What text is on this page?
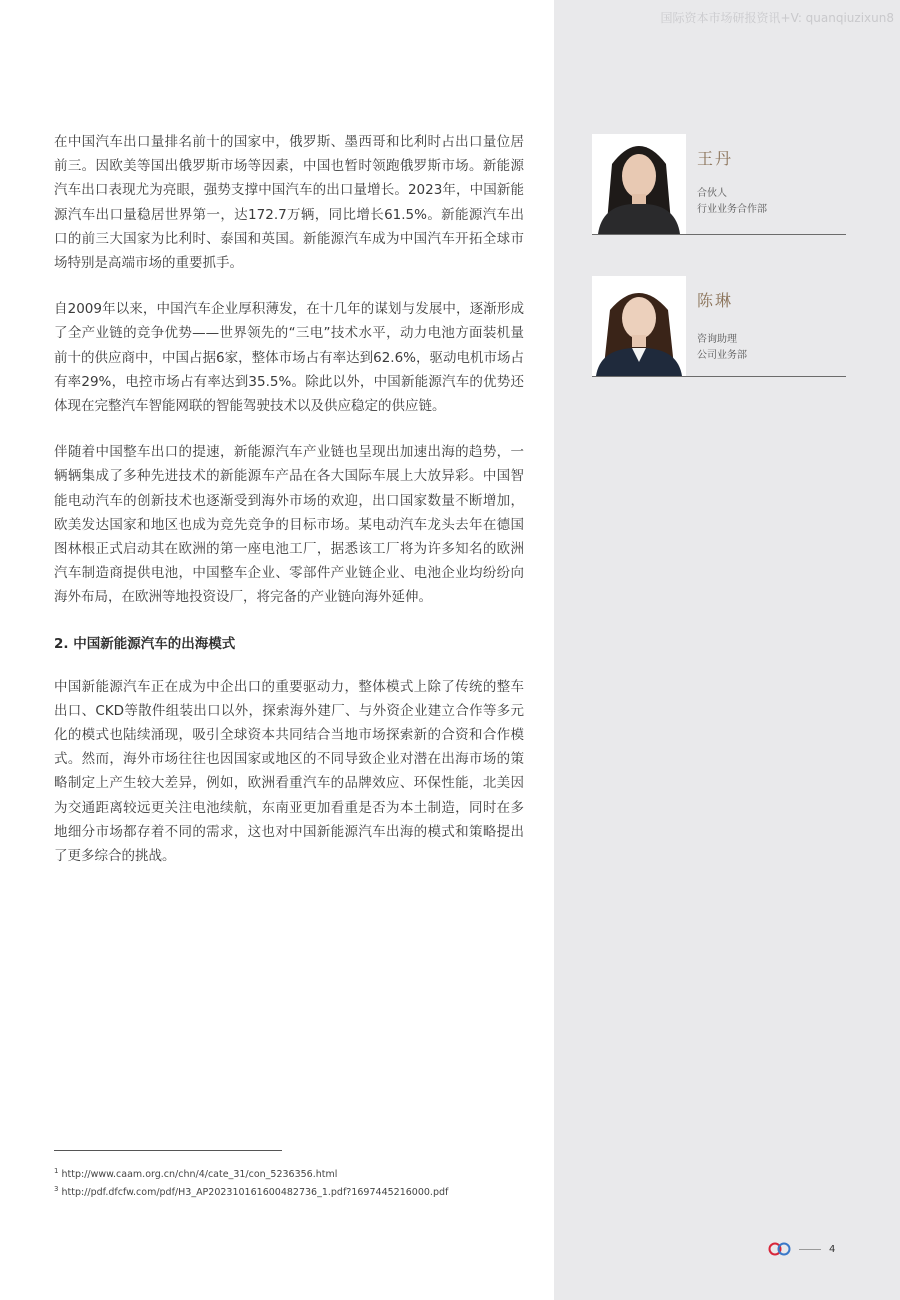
国际资本市场研报资讯+V: quanqiuzixun8
王丹
合伙人
行业业务合作部
陈琳
咨询助理
公司业务部
4

在中国汽车出口量排名前十的国家中，俄罗斯、墨西哥和比利时占出口量位居前三。因欧美等国出俄罗斯市场等因素，中国也暂时领跑俄罗斯市场。新能源汽车出口表现尤为亮眼，强势支撑中国汽车的出口量增长。2023年，中国新能源汽车出口量稳居世界第一，达172.7万辆，同比增长61.5%。新能源汽车出口的前三大国家为比利时、泰国和英国。新能源汽车成为中国汽车开拓全球市场特别是高端市场的重要抓手。

自2009年以来，中国汽车企业厚积薄发，在十几年的谋划与发展中，逐渐形成了全产业链的竞争优势——世界领先的“三电”技术水平，动力电池方面装机量前十的供应商中，中国占据6家，整体市场占有率达到62.6%，驱动电机市场占有率29%，电控市场占有率达到35.5%。除此以外，中国新能源汽车的优势还体现在完整汽车智能网联的智能驾驶技术以及供应稳定的供应链。

伴随着中国整车出口的提速，新能源汽车产业链也呈现出加速出海的趋势，一辆辆集成了多种先进技术的新能源车产品在各大国际车展上大放异彩。中国智能电动汽车的创新技术也逐渐受到海外市场的欢迎，出口国家数量不断增加，欧美发达国家和地区也成为竞先竞争的目标市场。某电动汽车龙头去年在德国图林根正式启动其在欧洲的第一座电池工厂，据悉该工厂将为许多知名的欧洲汽车制造商提供电池，中国整车企业、零部件产业链企业、电池企业均纷纷向海外布局，在欧洲等地投资设厂，将完备的产业链向海外延伸。

2. 中国新能源汽车的出海模式

中国新能源汽车正在成为中企出口的重要驱动力，整体模式上除了传统的整车出口、CKD等散件组装出口以外，探索海外建厂、与外资企业建立合作等多元化的模式也陆续涌现，吸引全球资本共同结合当地市场探索新的合资和合作模式。然而，海外市场往往也因国家或地区的不同导致企业对潜在出海市场的策略制定上产生较大差异，例如，欧洲看重汽车的品牌效应、环保性能，北美因为交通距离较远更关注电池续航，东南亚更加看重是否为本土制造，同时在多地细分市场都存着不同的需求，这也对中国新能源汽车出海的模式和策略提出了更多综合的挑战。

$^1$ http://www.caam.org.cn/chn/4/cate_31/con_5236356.html
$^3$ http://pdf.dfcfw.com/pdf/H3_AP202310161600482736_1.pdf?1697445216000.pdf
